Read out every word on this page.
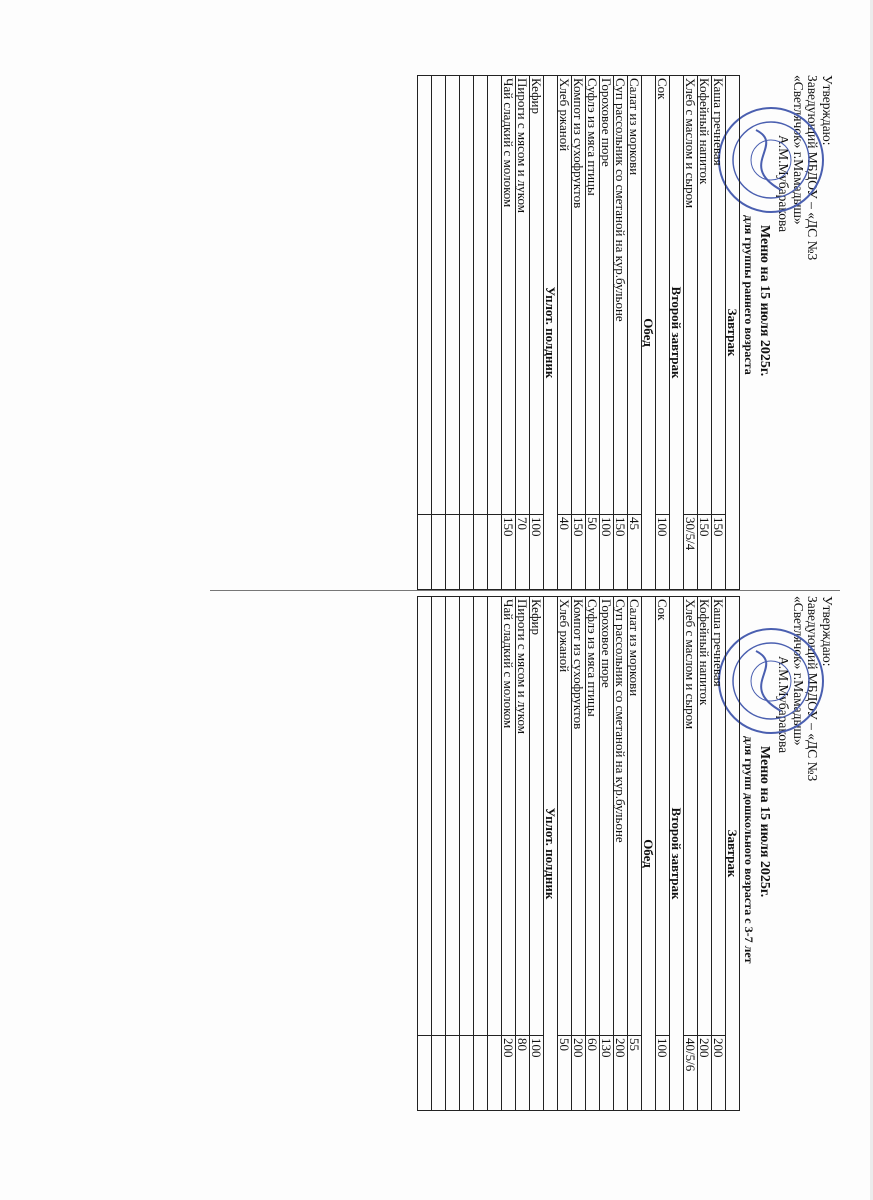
Утверждаю:
Заведующий МБДОУ – «ДС №3
«Светлячок» г.Мамадыш»
А.М.Мубаракова
Меню на 15 июля 2025г.
для группы раннего возраста
Завтрак	
Каша гречневая	150
Кофейный напиток	150
Хлеб с маслом и сыром	30/5/4
Второй завтрак	
Сок	100
Обед	
Салат из моркови	45
Суп рассольник со сметаной на кур.бульоне	150
Гороховое пюре	100
Суфлэ из мяса птицы	50
Компот из сухофруктов	150
Хлеб ржаной	40
Уплот. полдник	
Кефир	100
Пироги с мясом и луком	70
Чай сладкий с молоком	150

Утверждаю:
Заведующий МБДОУ – «ДС №3
«Светлячок» г.Мамадыш»
А.М.Мубаракова
Меню на 15 июля 2025г.
для групп дошкольного возраста с 3-7 лет
Завтрак	
Каша гречневая	200
Кофейный напиток	200
Хлеб с маслом и сыром	40/5/6
Второй завтрак	
Сок	100
Обед	
Салат из моркови	55
Суп рассольник со сметаной на кур.бульоне	200
Гороховое пюре	130
Суфлэ из мяса птицы	60
Компот из сухофруктов	200
Хлеб ржаной	50
Уплот. полдник	
Кефир	100
Пироги с мясом и луком	80
Чай сладкий с молоком	200
